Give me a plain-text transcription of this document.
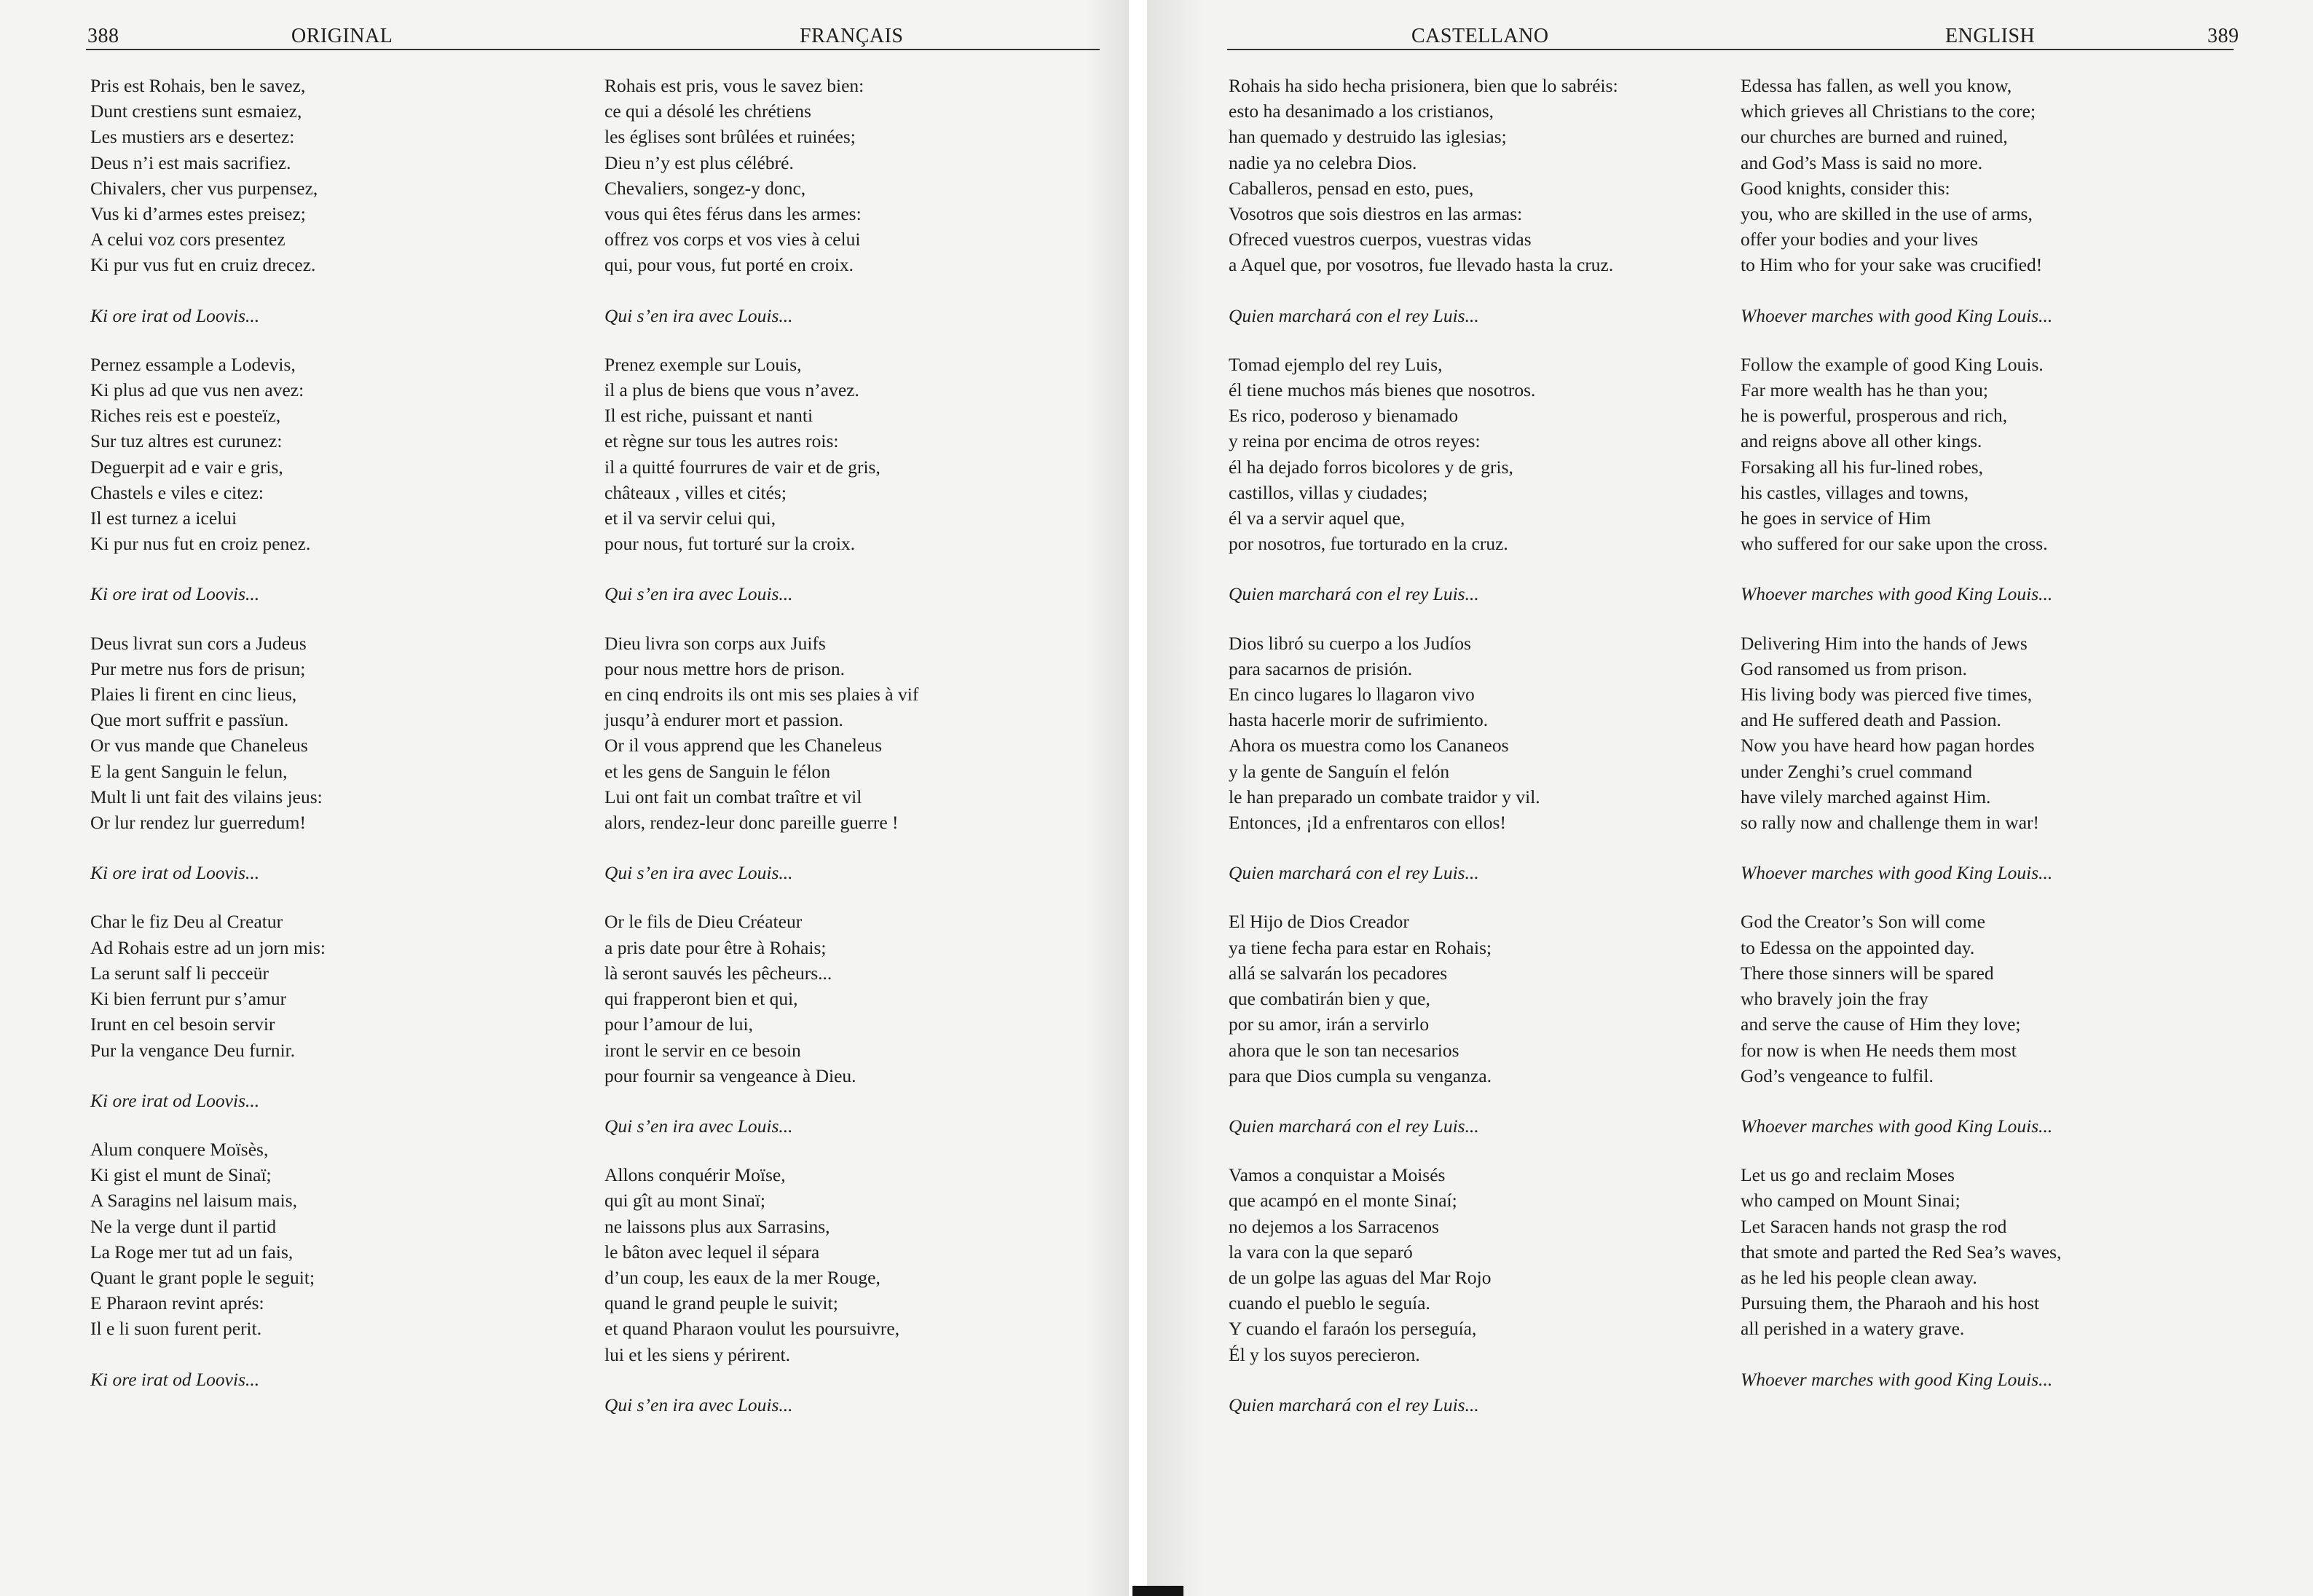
388	ORIGINAL	FRANÇAIS
Pris est Rohais, ben le savez,
Dunt crestiens sunt esmaiez,
Les mustiers ars e desertez:
Deus n’i est mais sacrifiez.
Chivalers, cher vus purpensez,
Vus ki d’armes estes preisez;
A celui voz cors presentez
Ki pur vus fut en cruiz drecez.
Ki ore irat od Loovis...
Pernez essample a Lodevis,
Ki plus ad que vus nen avez:
Riches reis est e poesteïz,
Sur tuz altres est curunez:
Deguerpit ad e vair e gris,
Chastels e viles e citez:
Il est turnez a icelui
Ki pur nus fut en croiz penez.
Ki ore irat od Loovis...
Deus livrat sun cors a Judeus
Pur metre nus fors de prisun;
Plaies li firent en cinc lieus,
Que mort suffrit e passïun.
Or vus mande que Chaneleus
E la gent Sanguin le felun,
Mult li unt fait des vilains jeus:
Or lur rendez lur guerredum!
Ki ore irat od Loovis...
Char le fiz Deu al Creatur
Ad Rohais estre ad un jorn mis:
La serunt salf li pecceür
Ki bien ferrunt pur s’amur
Irunt en cel besoin servir
Pur la vengance Deu furnir.
Ki ore irat od Loovis...
Alum conquere Moïsès,
Ki gist el munt de Sinaï;
A Saragins nel laisum mais,
Ne la verge dunt il partid
La Roge mer tut ad un fais,
Quant le grant pople le seguit;
E Pharaon revint aprés:
Il e li suon furent perit.
Ki ore irat od Loovis...
Rohais est pris, vous le savez bien:
ce qui a désolé les chrétiens
les églises sont brûlées et ruinées;
Dieu n’y est plus célébré.
Chevaliers, songez-y donc,
vous qui êtes férus dans les armes:
offrez vos corps et vos vies à celui
qui, pour vous, fut porté en croix.
Qui s’en ira avec Louis...
Prenez exemple sur Louis,
il a plus de biens que vous n’avez.
Il est riche, puissant et nanti
et règne sur tous les autres rois:
il a quitté fourrures de vair et de gris,
châteaux , villes et cités;
et il va servir celui qui,
pour nous, fut torturé sur la croix.
Qui s’en ira avec Louis...
Dieu livra son corps aux Juifs
pour nous mettre hors de prison.
en cinq endroits ils ont mis ses plaies à vif
jusqu’à endurer mort et passion.
Or il vous apprend que les Chaneleus
et les gens de Sanguin le félon
Lui ont fait un combat traître et vil
alors, rendez-leur donc pareille guerre !
Qui s’en ira avec Louis...
Or le fils de Dieu Créateur
a pris date pour être à Rohais;
là seront sauvés les pêcheurs...
qui frapperont bien et qui,
pour l’amour de lui,
iront le servir en ce besoin
pour fournir sa vengeance à Dieu.
Qui s’en ira avec Louis...
Allons conquérir Moïse,
qui gît au mont Sinaï;
ne laissons plus aux Sarrasins,
le bâton avec lequel il sépara
d’un coup, les eaux de la mer Rouge,
quand le grand peuple le suivit;
et quand Pharaon voulut les poursuivre,
lui et les siens y périrent.
Qui s’en ira avec Louis...
CASTELLANO	ENGLISH	389
Rohais ha sido hecha prisionera, bien que lo sabréis:
esto ha desanimado a los cristianos,
han quemado y destruido las iglesias;
nadie ya no celebra Dios.
Caballeros, pensad en esto, pues,
Vosotros que sois diestros en las armas:
Ofreced vuestros cuerpos, vuestras vidas
a Aquel que, por vosotros, fue llevado hasta la cruz.
Quien marchará con el rey Luis...
Tomad ejemplo del rey Luis,
él tiene muchos más bienes que nosotros.
Es rico, poderoso y bienamado
y reina por encima de otros reyes:
él ha dejado forros bicolores y de gris,
castillos, villas y ciudades;
él va a servir aquel que,
por nosotros, fue torturado en la cruz.
Quien marchará con el rey Luis...
Dios libró su cuerpo a los Judíos
para sacarnos de prisión.
En cinco lugares lo llagaron vivo
hasta hacerle morir de sufrimiento.
Ahora os muestra como los Cananeos
y la gente de Sanguín el felón
le han preparado un combate traidor y vil.
Entonces, ¡Id a enfrentaros con ellos!
Quien marchará con el rey Luis...
El Hijo de Dios Creador
ya tiene fecha para estar en Rohais;
allá se salvarán los pecadores
que combatirán bien y que,
por su amor, irán a servirlo
ahora que le son tan necesarios
para que Dios cumpla su venganza.
Quien marchará con el rey Luis...
Vamos a conquistar a Moisés
que acampó en el monte Sinaí;
no dejemos a los Sarracenos
la vara con la que separó
de un golpe las aguas del Mar Rojo
cuando el pueblo le seguía.
Y cuando el faraón los perseguía,
Él y los suyos perecieron.
Quien marchará con el rey Luis...
Edessa has fallen, as well you know,
which grieves all Christians to the core;
our churches are burned and ruined,
and God’s Mass is said no more.
Good knights, consider this:
you, who are skilled in the use of arms,
offer your bodies and your lives
to Him who for your sake was crucified!
Whoever marches with good King Louis...
Follow the example of good King Louis.
Far more wealth has he than you;
he is powerful, prosperous and rich,
and reigns above all other kings.
Forsaking all his fur-lined robes,
his castles, villages and towns,
he goes in service of Him
who suffered for our sake upon the cross.
Whoever marches with good King Louis...
Delivering Him into the hands of Jews
God ransomed us from prison.
His living body was pierced five times,
and He suffered death and Passion.
Now you have heard how pagan hordes
under Zenghi’s cruel command
have vilely marched against Him.
so rally now and challenge them in war!
Whoever marches with good King Louis...
God the Creator’s Son will come
to Edessa on the appointed day.
There those sinners will be spared
who bravely join the fray
and serve the cause of Him they love;
for now is when He needs them most
God’s vengeance to fulfil.
Whoever marches with good King Louis...
Let us go and reclaim Moses
who camped on Mount Sinai;
Let Saracen hands not grasp the rod
that smote and parted the Red Sea’s waves,
as he led his people clean away.
Pursuing them, the Pharaoh and his host
all perished in a watery grave.
Whoever marches with good King Louis...
